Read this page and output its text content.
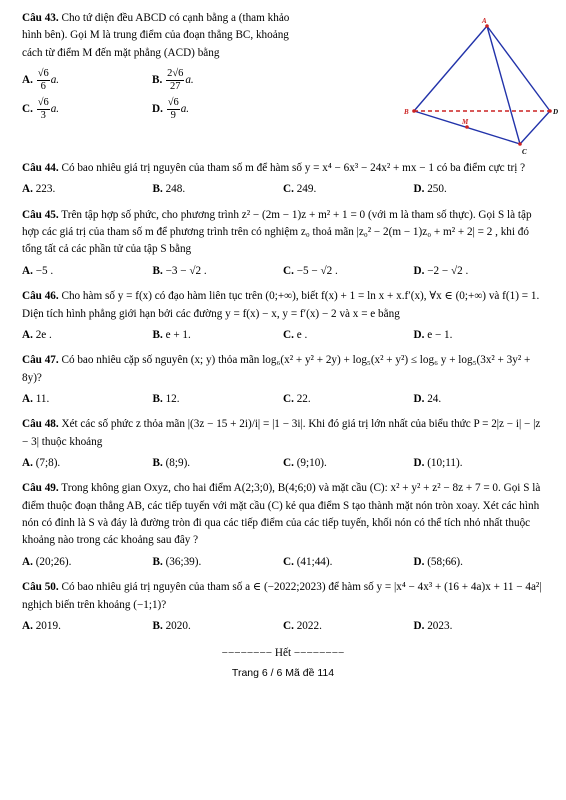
Câu 43. Cho tứ diện đều ABCD có cạnh bằng a (tham khảo hình bên). Gọi M là trung điểm của đoạn thẳng BC, khoảng cách từ điểm M đến mặt phẳng (ACD) bằng

A. $\frac{√6}{6} a$.	B. $\frac{2√6}{27} a$.
C. $\frac{√6}{3} a$.	D. $\frac{√6}{9} a$.
A
B	D
C
M

Câu 44. Có bao nhiêu giá trị nguyên của tham số m để hàm số y = x⁴ − 6x³ − 24x² + mx − 1 có ba điểm cực trị ?

A. 223.	B. 248.	C. 249.	D. 250.

Câu 45. Trên tập hợp số phức, cho phương trình z² − (2m − 1)z + m² + 1 = 0 (với m là tham số thực). Gọi S là tập hợp các giá trị của tham số m để phương trình trên có nghiệm z₀ thoả mãn |z₀² − 2(m − 1)z₀ + m² + 2| = 2 , khi đó tổng tất cả các phần tử của tập S bằng

A. −5 .	B. −3 − √2 .	C. −5 − √2 .	D. −2 − √2 .

Câu 46. Cho hàm số y = f(x) có đạo hàm liên tục trên (0;+∞), biết f(x) + 1 = ln x + x.f′(x), ∀x ∈ (0;+∞) và f(1) = 1. Diện tích hình phẳng giới hạn bởi các đường y = f(x) − x, y = f′(x) − 2 và x = e bằng

A. 2e .	B. e + 1.	C. e .	D. e − 1.

Câu 47. Có bao nhiêu cặp số nguyên (x; y) thỏa mãn log₆(x² + y² + 2y) + log₅(x² + y²) ≤ log₆ y + log₅(3x² + 3y² + 8y)?

A. 11.	B. 12.	C. 22.	D. 24.

Câu 48. Xét các số phức z thỏa mãn |(3z − 15 + 2i)/i| = |1 − 3i|. Khi đó giá trị lớn nhất của biểu thức P = 2|z − i| − |z − 3| thuộc khoảng

A. (7;8).	B. (8;9).	C. (9;10).	D. (10;11).

Câu 49. Trong không gian Oxyz, cho hai điểm A(2;3;0), B(4;6;0) và mặt cầu (C): x² + y² + z² − 8z + 7 = 0. Gọi S là điểm thuộc đoạn thẳng AB, các tiếp tuyến với mặt cầu (C) kẻ qua điểm S tạo thành mặt nón tròn xoay. Xét các hình nón có đỉnh là S và đáy là đường tròn đi qua các tiếp điểm của các tiếp tuyến, khối nón có thể tích nhỏ nhất thuộc khoảng nào trong các khoảng sau đây ?

A. (20;26).	B. (36;39).	C. (41;44).	D. (58;66).

Câu 50. Có bao nhiêu giá trị nguyên của tham số a ∈ (−2022;2023) để hàm số y = |x⁴ − 4x³ + (16 + 4a)x + 11 − 4a²| nghịch biến trên khoảng (−1;1)?

A. 2019.	B. 2020.	C. 2022.	D. 2023.
−−−−−−−− Hết −−−−−−−−
Trang 6 / 6 Mã đề 114
